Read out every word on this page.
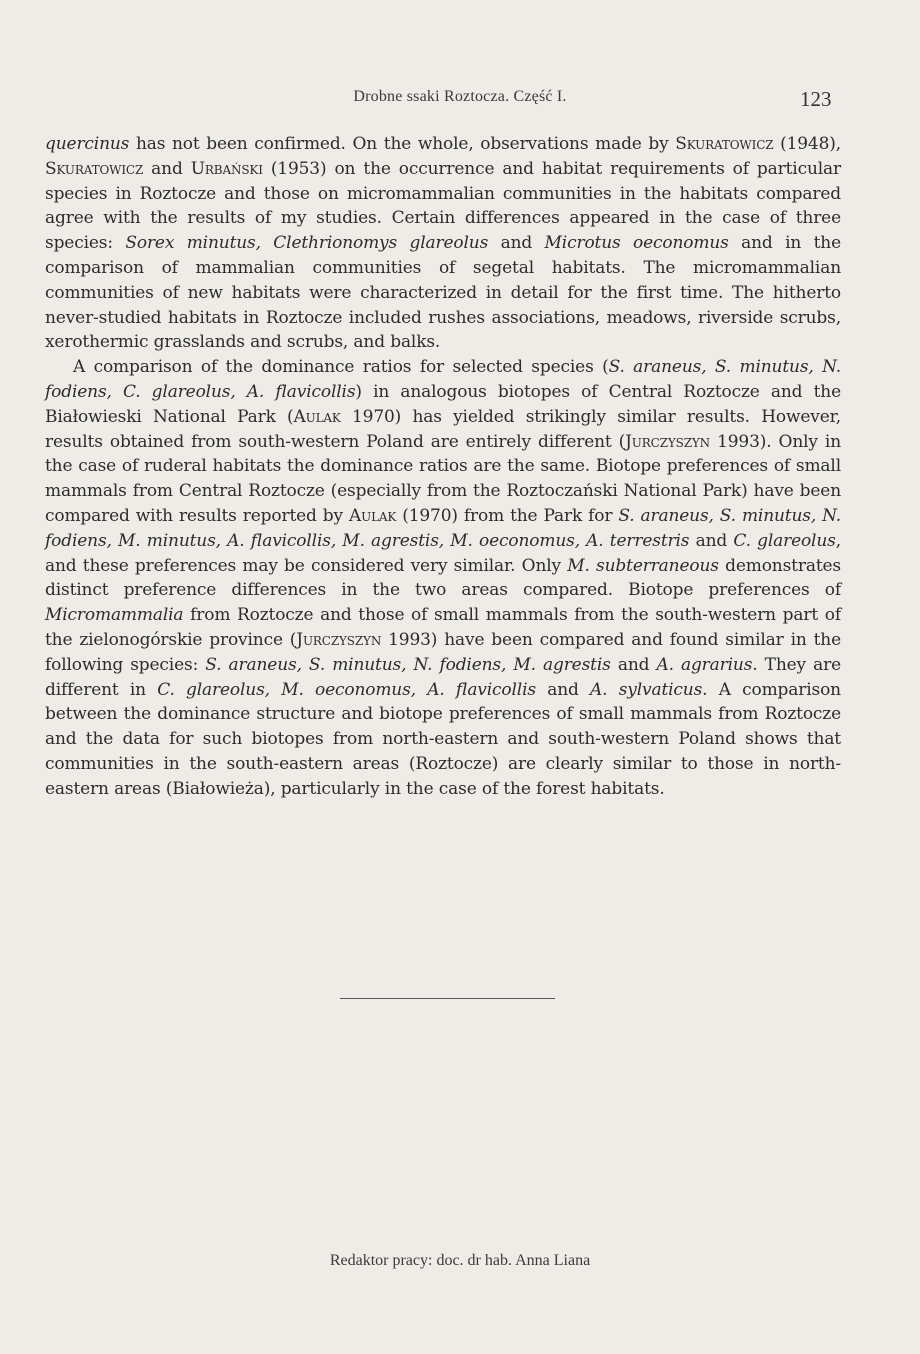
Drobne ssaki Roztocza. Część I.	123

quercinus has not been confirmed. On the whole, observations made by Skuratowicz (1948), Skuratowicz and Urbański (1953) on the occurrence and habitat requirements of particular species in Roztocze and those on micromammalian communities in the habitats compared agree with the results of my studies. Certain differences appeared in the case of three species: Sorex minutus, Clethrionomys glareolus and Microtus oeconomus and in the comparison of mammalian communities of segetal habitats. The micromammalian communities of new habitats were characterized in detail for the first time. The hitherto never-studied habitats in Roztocze included rushes associations, meadows, riverside scrubs, xerothermic grasslands and scrubs, and balks.

A comparison of the dominance ratios for selected species (S. araneus, S. minutus, N. fodiens, C. glareolus, A. flavicollis) in analogous biotopes of Central Roztocze and the Białowieski National Park (Aulak 1970) has yielded strikingly similar results. However, results obtained from south-western Poland are entirely different (Jurczyszyn 1993). Only in the case of ruderal habitats the dominance ratios are the same. Biotope preferences of small mammals from Central Roztocze (especially from the Roztoczański National Park) have been compared with results reported by Aulak (1970) from the Park for S. araneus, S. minutus, N. fodiens, M. minutus, A. flavicollis, M. agrestis, M. oeconomus, A. terrestris and C. glareolus, and these preferences may be considered very similar. Only M. subterraneous demonstrates distinct preference differences in the two areas compared. Biotope preferences of Micromammalia from Roztocze and those of small mammals from the south-western part of the zielonogórskie province (Jurczyszyn 1993) have been compared and found similar in the following species: S. araneus, S. minutus, N. fodiens, M. agrestis and A. agrarius. They are different in C. glareolus, M. oeconomus, A. flavicollis and A. sylvaticus. A comparison between the dominance structure and biotope preferences of small mammals from Roztocze and the data for such biotopes from north-eastern and south-western Poland shows that communities in the south-eastern areas (Roztocze) are clearly similar to those in north-eastern areas (Białowieża), particularly in the case of the forest habitats.

Redaktor pracy: doc. dr hab. Anna Liana
